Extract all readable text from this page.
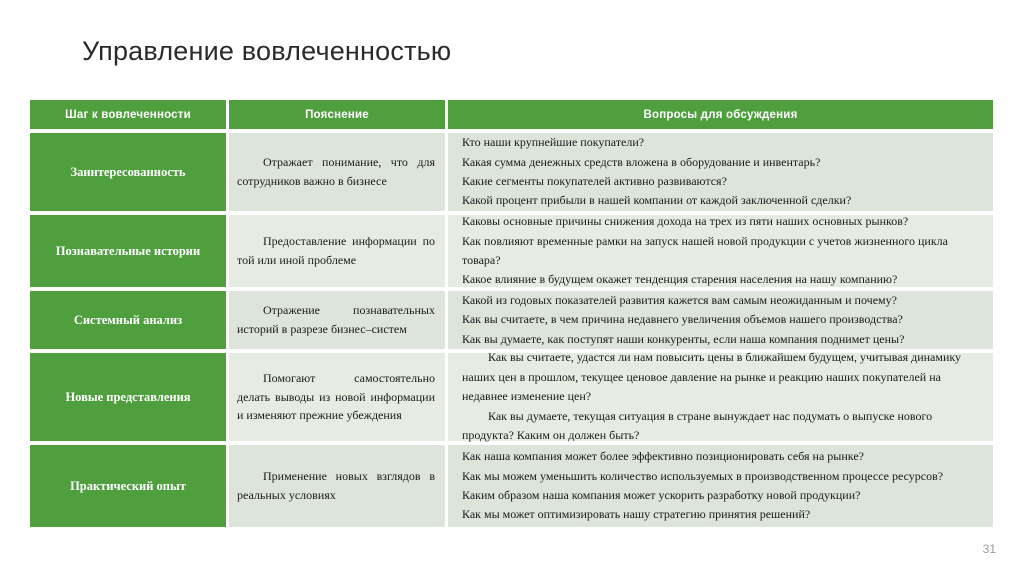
Управление вовлеченностью
Шаг к вовлеченности	Пояснение	Вопросы для обсуждения
Заинтересованность
Отражает понимание, что для сотрудников важно в бизнесе
Кто наши крупнейшие покупатели?
Какая сумма денежных средств вложена в оборудование и инвентарь?
Какие сегменты покупателей активно развиваются?
Какой процент прибыли в нашей компании от каждой заключенной сделки?
Познавательные истории
Предоставление информации по той или иной проблеме
Каковы основные причины снижения дохода на трех из пяти наших основных рынков?
Как повлияют временные рамки на запуск нашей новой продукции с учетов жизненного цикла товара?
Какое влияние в будущем окажет тенденция старения населения на нашу компанию?
Системный анализ
Отражение познавательных историй в разрезе бизнес–систем
Какой из годовых показателей развития кажется вам самым неожиданным и почему?
Как вы считаете, в чем причина недавнего увеличения объемов нашего производства?
Как вы думаете, как поступят наши конкуренты, если наша компания поднимет цены?
Новые представления
Помогают самостоятельно делать выводы из новой информации и изменяют прежние убеждения
Как вы считаете, удастся ли нам повысить цены в ближайшем будущем, учитывая динамику наших цен в прошлом, текущее ценовое давление на рынке и реакцию наших покупателей на недавнее изменение цен?
Как вы думаете, текущая ситуация в стране вынуждает нас подумать о выпуске нового продукта? Каким он должен быть?
Практический опыт
Применение новых взглядов в реальных условиях
Как наша компания может более эффективно позиционировать себя на рынке?
Как мы можем уменьшить количество используемых в производственном процессе ресурсов?
Каким образом наша компания может ускорить разработку новой продукции?
Как мы может оптимизировать нашу стратегию принятия решений?
31
